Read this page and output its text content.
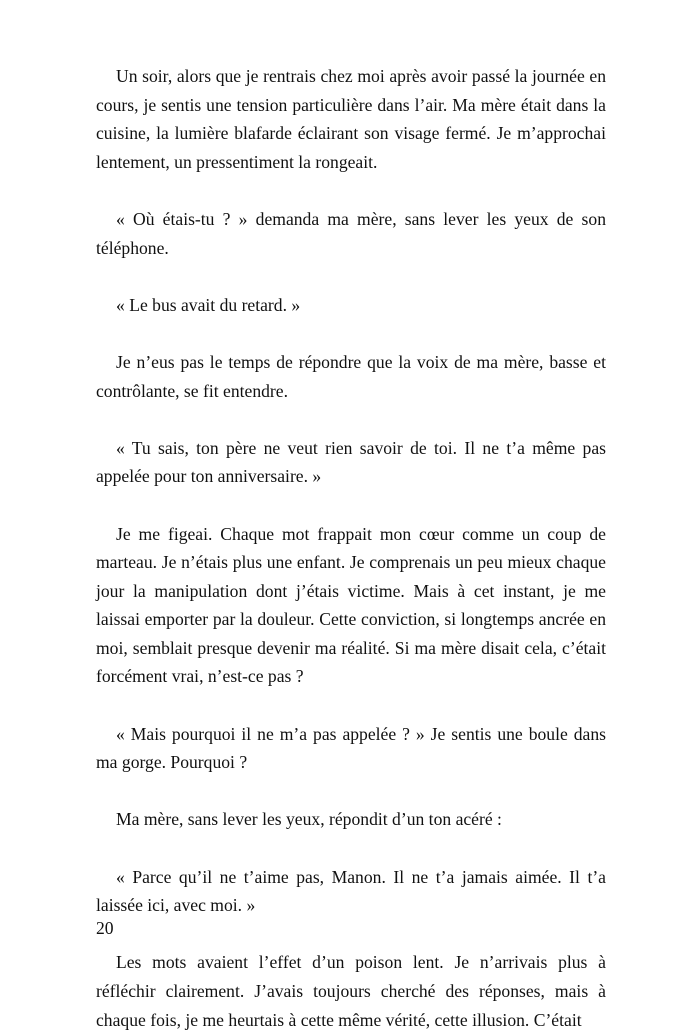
Un soir, alors que je rentrais chez moi après avoir passé la journée en cours, je sentis une tension particulière dans l’air. Ma mère était dans la cuisine, la lumière blafarde éclairant son visage fermé. Je m’approchai lentement, un pressentiment la rongeait.

« Où étais-tu ? » demanda ma mère, sans lever les yeux de son téléphone.

« Le bus avait du retard. »

Je n’eus pas le temps de répondre que la voix de ma mère, basse et contrôlante, se fit entendre.

« Tu sais, ton père ne veut rien savoir de toi. Il ne t’a même pas appelée pour ton anniversaire. »

Je me figeai. Chaque mot frappait mon cœur comme un coup de marteau. Je n’étais plus une enfant. Je comprenais un peu mieux chaque jour la manipulation dont j’étais victime. Mais à cet instant, je me laissai emporter par la douleur. Cette conviction, si longtemps ancrée en moi, semblait presque devenir ma réalité. Si ma mère disait cela, c’était forcément vrai, n’est-ce pas ?

« Mais pourquoi il ne m’a pas appelée ? » Je sentis une boule dans ma gorge. Pourquoi ?

Ma mère, sans lever les yeux, répondit d’un ton acéré :

« Parce qu’il ne t’aime pas, Manon. Il ne t’a jamais aimée. Il t’a laissée ici, avec moi. »

Les mots avaient l’effet d’un poison lent. Je n’arrivais plus à réfléchir clairement. J’avais toujours cherché des réponses, mais à chaque fois, je me heurtais à cette même vérité, cette illusion. C’était

20
